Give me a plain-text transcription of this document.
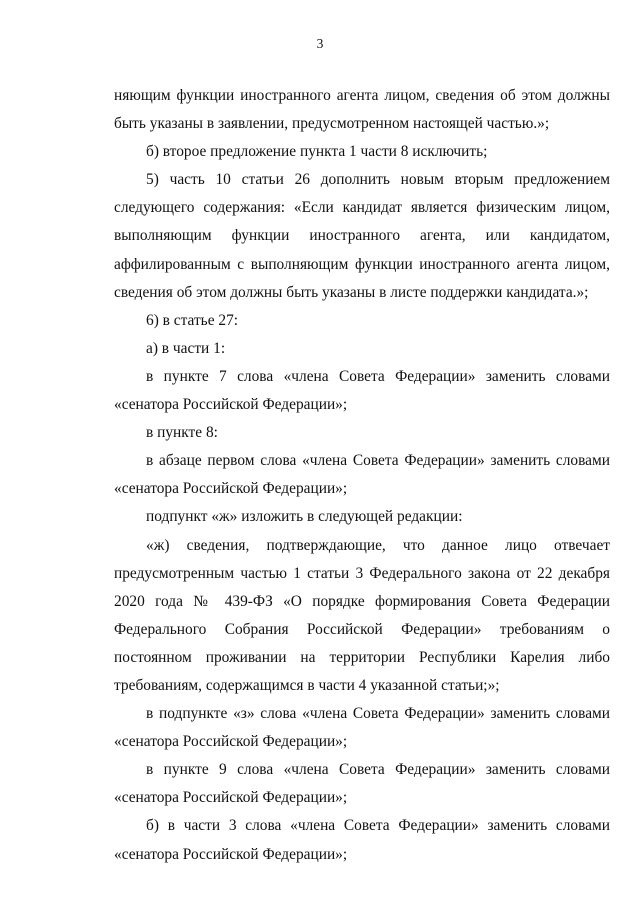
3

няющим функции иностранного агента лицом, сведения об этом должны быть указаны в заявлении, предусмотренном настоящей частью.»;

б) второе предложение пункта 1 части 8 исключить;

5) часть 10 статьи 26 дополнить новым вторым предложением следующего содержания: «Если кандидат является физическим лицом, выполняющим функции иностранного агента, или кандидатом, аффилированным с выполняющим функции иностранного агента лицом, сведения об этом должны быть указаны в листе поддержки кандидата.»;

6) в статье 27:

а) в части 1:

в пункте 7 слова «члена Совета Федерации» заменить словами «сенатора Российской Федерации»;

в пункте 8:

в абзаце первом слова «члена Совета Федерации» заменить словами «сенатора Российской Федерации»;

подпункт «ж» изложить в следующей редакции:

«ж) сведения, подтверждающие, что данное лицо отвечает предусмотренным частью 1 статьи 3 Федерального закона от 22 декабря 2020 года № 439-ФЗ «О порядке формирования Совета Федерации Федерального Собрания Российской Федерации» требованиям о постоянном проживании на территории Республики Карелия либо требованиям, содержащимся в части 4 указанной статьи;»;

в подпункте «з» слова «члена Совета Федерации» заменить словами «сенатора Российской Федерации»;

в пункте 9 слова «члена Совета Федерации» заменить словами «сенатора Российской Федерации»;

б) в части 3 слова «члена Совета Федерации» заменить словами «сенатора Российской Федерации»;
